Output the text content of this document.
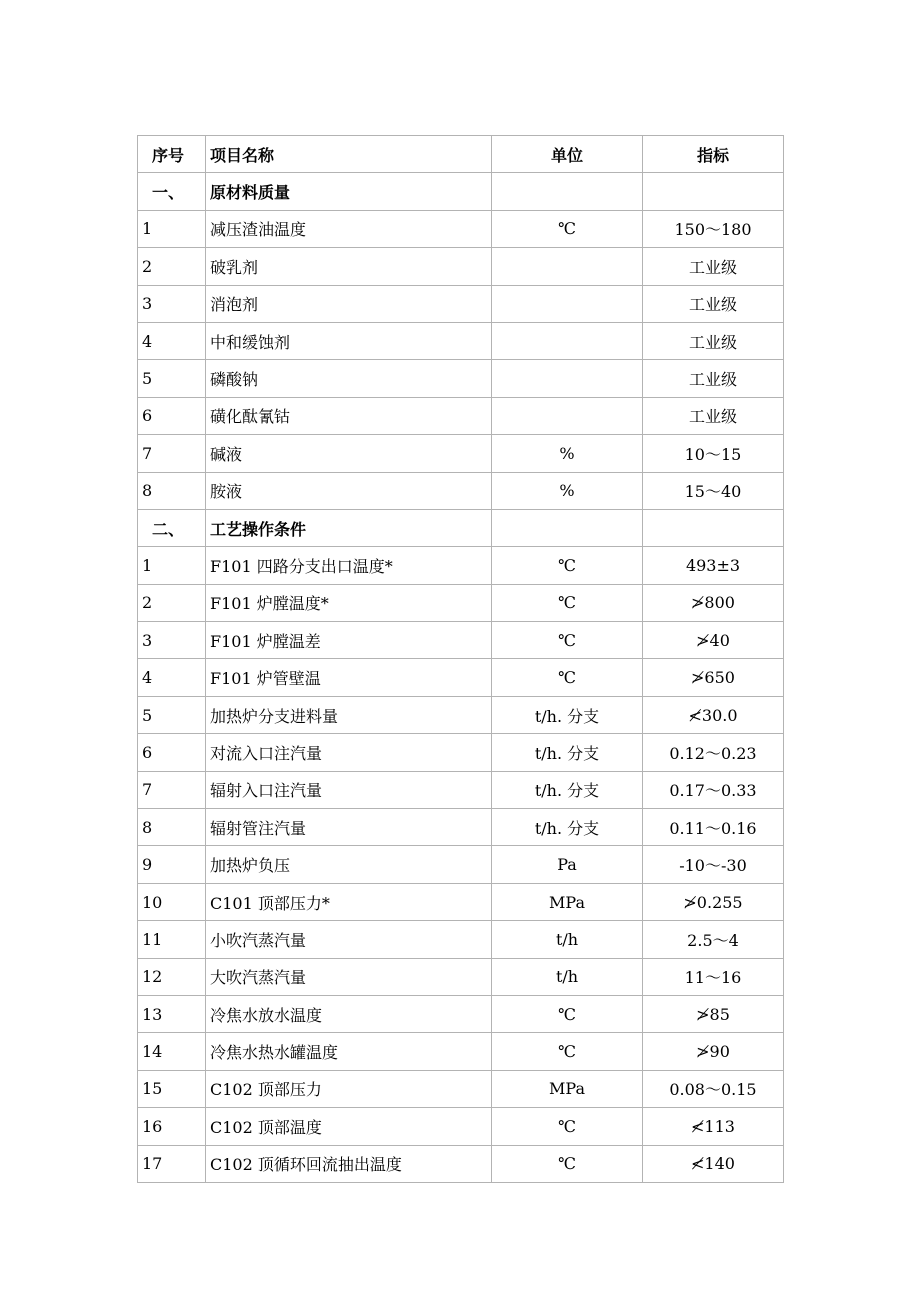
序号	项目名称	单位	指标
一、	原材料质量		
1	减压渣油温度	℃	150～180
2	破乳剂		工业级
3	消泡剂		工业级
4	中和缓蚀剂		工业级
5	磷酸钠		工业级
6	磺化酞氰钴		工业级
7	碱液	%	10～15
8	胺液	%	15～40
二、	工艺操作条件		
1	F101 四路分支出口温度*	℃	493±3
2	F101 炉膛温度*	℃	≯800
3	F101 炉膛温差	℃	≯40
4	F101 炉管壁温	℃	≯650
5	加热炉分支进料量	t/h. 分支	≮30.0
6	对流入口注汽量	t/h. 分支	0.12～0.23
7	辐射入口注汽量	t/h. 分支	0.17～0.33
8	辐射管注汽量	t/h. 分支	0.11～0.16
9	加热炉负压	Pa	-10～-30
10	C101 顶部压力*	MPa	≯0.255
11	小吹汽蒸汽量	t/h	2.5～4
12	大吹汽蒸汽量	t/h	11～16
13	冷焦水放水温度	℃	≯85
14	冷焦水热水罐温度	℃	≯90
15	C102 顶部压力	MPa	0.08～0.15
16	C102 顶部温度	℃	≮113
17	C102 顶循环回流抽出温度	℃	≮140
